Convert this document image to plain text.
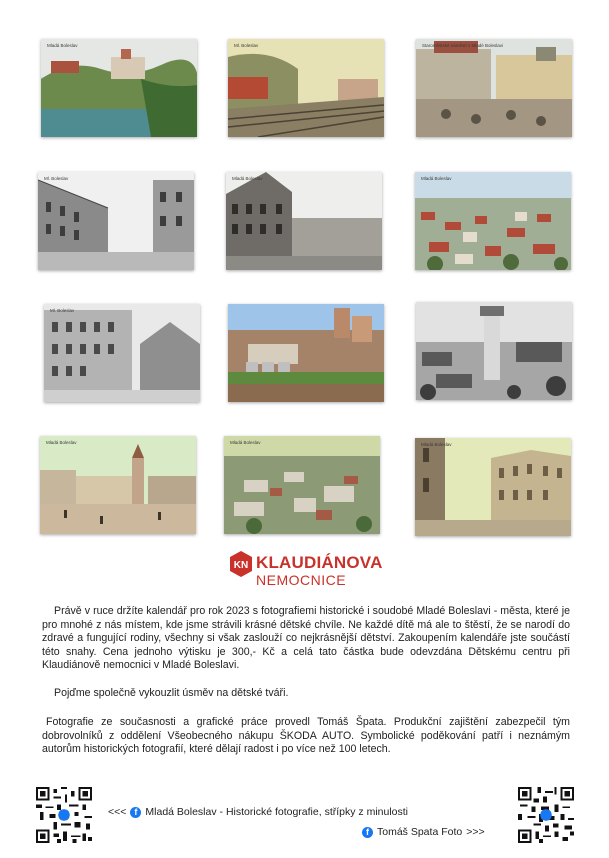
Mladá Boleslav	Ml. Boleslav	Staroměstské náměstí v Mladé Boleslavi
Ml. Boleslav	Mladá Boleslav	Mladá Boleslav
Ml. Boleslav
Mladá Boleslav	Mladá Boleslav	Mladá Boleslav
KN KLAUDIÁNOVA
NEMOCNICE
Právě v ruce držíte kalendář pro rok 2023 s fotografiemi historické i soudobé Mladé Boleslavi - města, které je pro mnohé z nás místem, kde jsme strávili krásné dětské chvíle. Ne každé dítě má ale to štěstí, že se narodí do zdravé a fungující rodiny, všechny si však zaslouží co nejkrásnější dětství. Zakoupením kalendáře jste součástí této snahy. Cena jednoho výtisku je 300,- Kč a celá tato částka bude odevzdána Dětskému centru při Klaudiánově nemocnici v Mladé Boleslavi.
Pojďme společně vykouzlit úsměv na dětské tváři.
Fotografie ze současnosti a grafické práce provedl Tomáš Špata. Produkční zajištění zabezpečil tým dobrovolníků z oddělení Všeobecného nákupu ŠKODA AUTO. Symbolické poděkování patří i neznámým autorům historických fotografií, které dělají radost i po více než 100 letech.
<<< f Mladá Boleslav - Historické fotografie, střípky z minulosti
f Tomáš Spata Foto >>>
